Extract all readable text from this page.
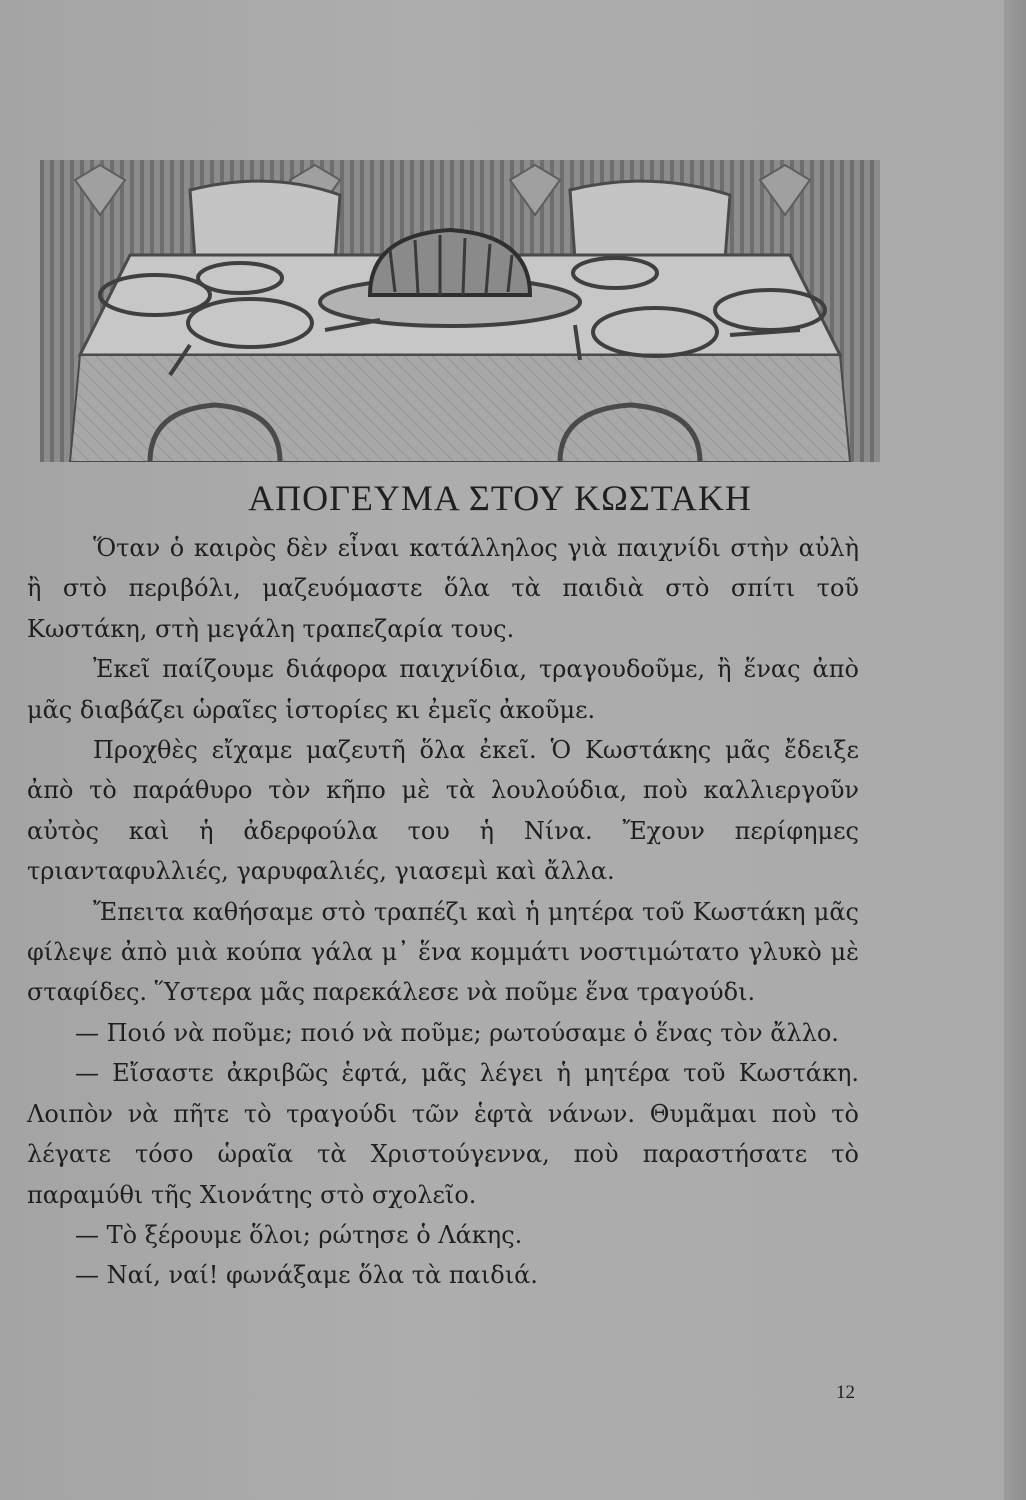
ΑΠΟΓΕΥΜΑ ΣΤΟΥ ΚΩΣΤΑΚΗ

Ὅταν ὁ καιρὸς δὲν εἶναι κατάλληλος γιὰ παιχνίδι στὴν αὐλὴ ἢ στὸ περιβόλι, μαζευόμαστε ὅλα τὰ παιδιὰ στὸ σπίτι τοῦ Κωστάκη, στὴ μεγάλη τραπεζαρία τους.

Ἐκεῖ παίζουμε διάφορα παιχνίδια, τραγουδοῦμε, ἢ ἕνας ἀπὸ μᾶς διαβάζει ὡραῖες ἱστορίες κι ἐμεῖς ἀκοῦμε.

Προχθὲς εἴχαμε μαζευτῆ ὅλα ἐκεῖ. Ὁ Κωστάκης μᾶς ἔδειξε ἀπὸ τὸ παράθυρο τὸν κῆπο μὲ τὰ λουλούδια, ποὺ καλλιεργοῦν αὐτὸς καὶ ἡ ἀδερφούλα του ἡ Νίνα. Ἔχουν περίφημες τριανταφυλλιές, γαρυφαλιές, γιασεμὶ καὶ ἄλλα.

Ἔπειτα καθήσαμε στὸ τραπέζι καὶ ἡ μητέρα τοῦ Κωστάκη μᾶς φίλεψε ἀπὸ μιὰ κούπα γάλα μ᾽ ἕνα κομμάτι νοστιμώτατο γλυκὸ μὲ σταφίδες. Ὕστερα μᾶς παρεκάλεσε νὰ ποῦμε ἕνα τραγούδι.

— Ποιό νὰ ποῦμε; ποιό νὰ ποῦμε; ρωτούσαμε ὁ ἕνας τὸν ἄλλο.

— Εἴσαστε ἀκριβῶς ἑφτά, μᾶς λέγει ἡ μητέρα τοῦ Κωστάκη. Λοιπὸν νὰ πῆτε τὸ τραγούδι τῶν ἑφτὰ νάνων. Θυμᾶμαι ποὺ τὸ λέγατε τόσο ὡραῖα τὰ Χριστούγεννα, ποὺ παραστήσατε τὸ παραμύθι τῆς Χιονάτης στὸ σχολεῖο.

— Τὸ ξέρουμε ὅλοι; ρώτησε ὁ Λάκης.

— Ναί, ναί! φωνάξαμε ὅλα τὰ παιδιά.

12
